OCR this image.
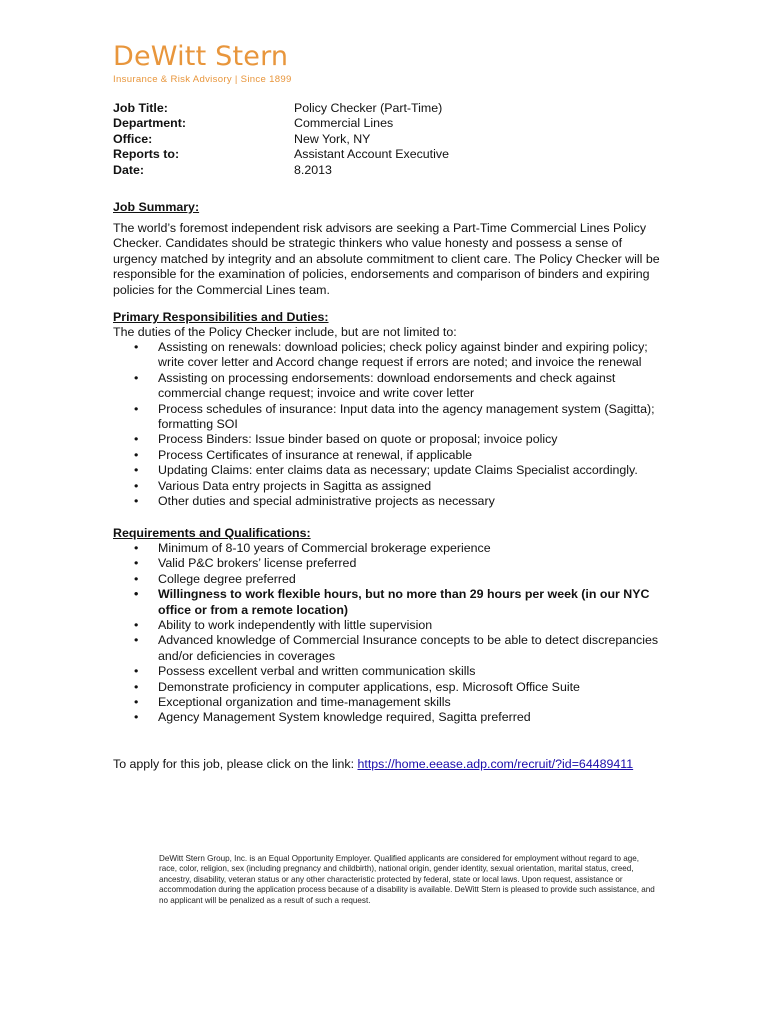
DeWitt Stern
Insurance & Risk Advisory | Since 1899
Job Title:	Policy Checker (Part-Time)
Department:	Commercial Lines
Office:	New York, NY
Reports to:	Assistant Account Executive
Date:	8.2013
Job Summary:
The world’s foremost independent risk advisors are seeking a Part-Time Commercial Lines Policy Checker. Candidates should be strategic thinkers who value honesty and possess a sense of urgency matched by integrity and an absolute commitment to client care. The Policy Checker will be responsible for the examination of policies, endorsements and comparison of binders and expiring policies for the Commercial Lines team.
Primary Responsibilities and Duties:
The duties of the Policy Checker include, but are not limited to:
• Assisting on renewals: download policies; check policy against binder and expiring policy; write cover letter and Accord change request if errors are noted; and invoice the renewal
• Assisting on processing endorsements: download endorsements and check against commercial change request; invoice and write cover letter
• Process schedules of insurance: Input data into the agency management system (Sagitta); formatting SOI
• Process Binders: Issue binder based on quote or proposal; invoice policy
• Process Certificates of insurance at renewal, if applicable
• Updating Claims: enter claims data as necessary; update Claims Specialist accordingly.
• Various Data entry projects in Sagitta as assigned
• Other duties and special administrative projects as necessary
Requirements and Qualifications:
• Minimum of 8-10 years of Commercial brokerage experience
• Valid P&C brokers’ license preferred
• College degree preferred
• Willingness to work flexible hours, but no more than 29 hours per week (in our NYC office or from a remote location)
• Ability to work independently with little supervision
• Advanced knowledge of Commercial Insurance concepts to be able to detect discrepancies and/or deficiencies in coverages
• Possess excellent verbal and written communication skills
• Demonstrate proficiency in computer applications, esp. Microsoft Office Suite
• Exceptional organization and time-management skills
• Agency Management System knowledge required, Sagitta preferred
To apply for this job, please click on the link: https://home.eease.adp.com/recruit/?id=64489411
DeWitt Stern Group, Inc. is an Equal Opportunity Employer. Qualified applicants are considered for employment without regard to age, race, color, religion, sex (including pregnancy and childbirth), national origin, gender identity, sexual orientation, marital status, creed, ancestry, disability, veteran status or any other characteristic protected by federal, state or local laws. Upon request, assistance or accommodation during the application process because of a disability is available. DeWitt Stern is pleased to provide such assistance, and no applicant will be penalized as a result of such a request.
